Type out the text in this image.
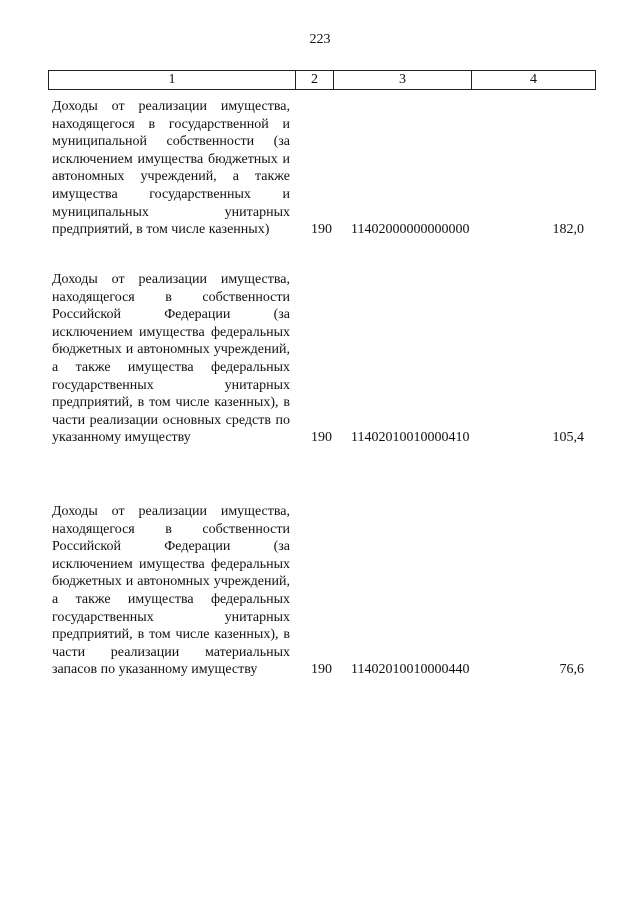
223
1	2	3	4
Доходы от реализации имущества, находящегося в государственной и муниципальной собственности (за исключением имущества бюджетных и автономных учреждений, а также имущества государственных и муниципальных унитарных предприятий, в том числе казенных)	190 11402000000000000	182,0
Доходы от реализации имущества, находящегося в собственности Российской Федерации (за исключением имущества федеральных бюджетных и автономных учреждений, а также имущества федеральных государственных унитарных предприятий, в том числе казенных), в части реализации основных средств по указанному имуществу	190 11402010010000410	105,4
Доходы от реализации имущества, находящегося в собственности Российской Федерации (за исключением имущества федеральных бюджетных и автономных учреждений, а также имущества федеральных государственных унитарных предприятий, в том числе казенных), в части реализации материальных запасов по указанному имуществу	190 11402010010000440	76,6
